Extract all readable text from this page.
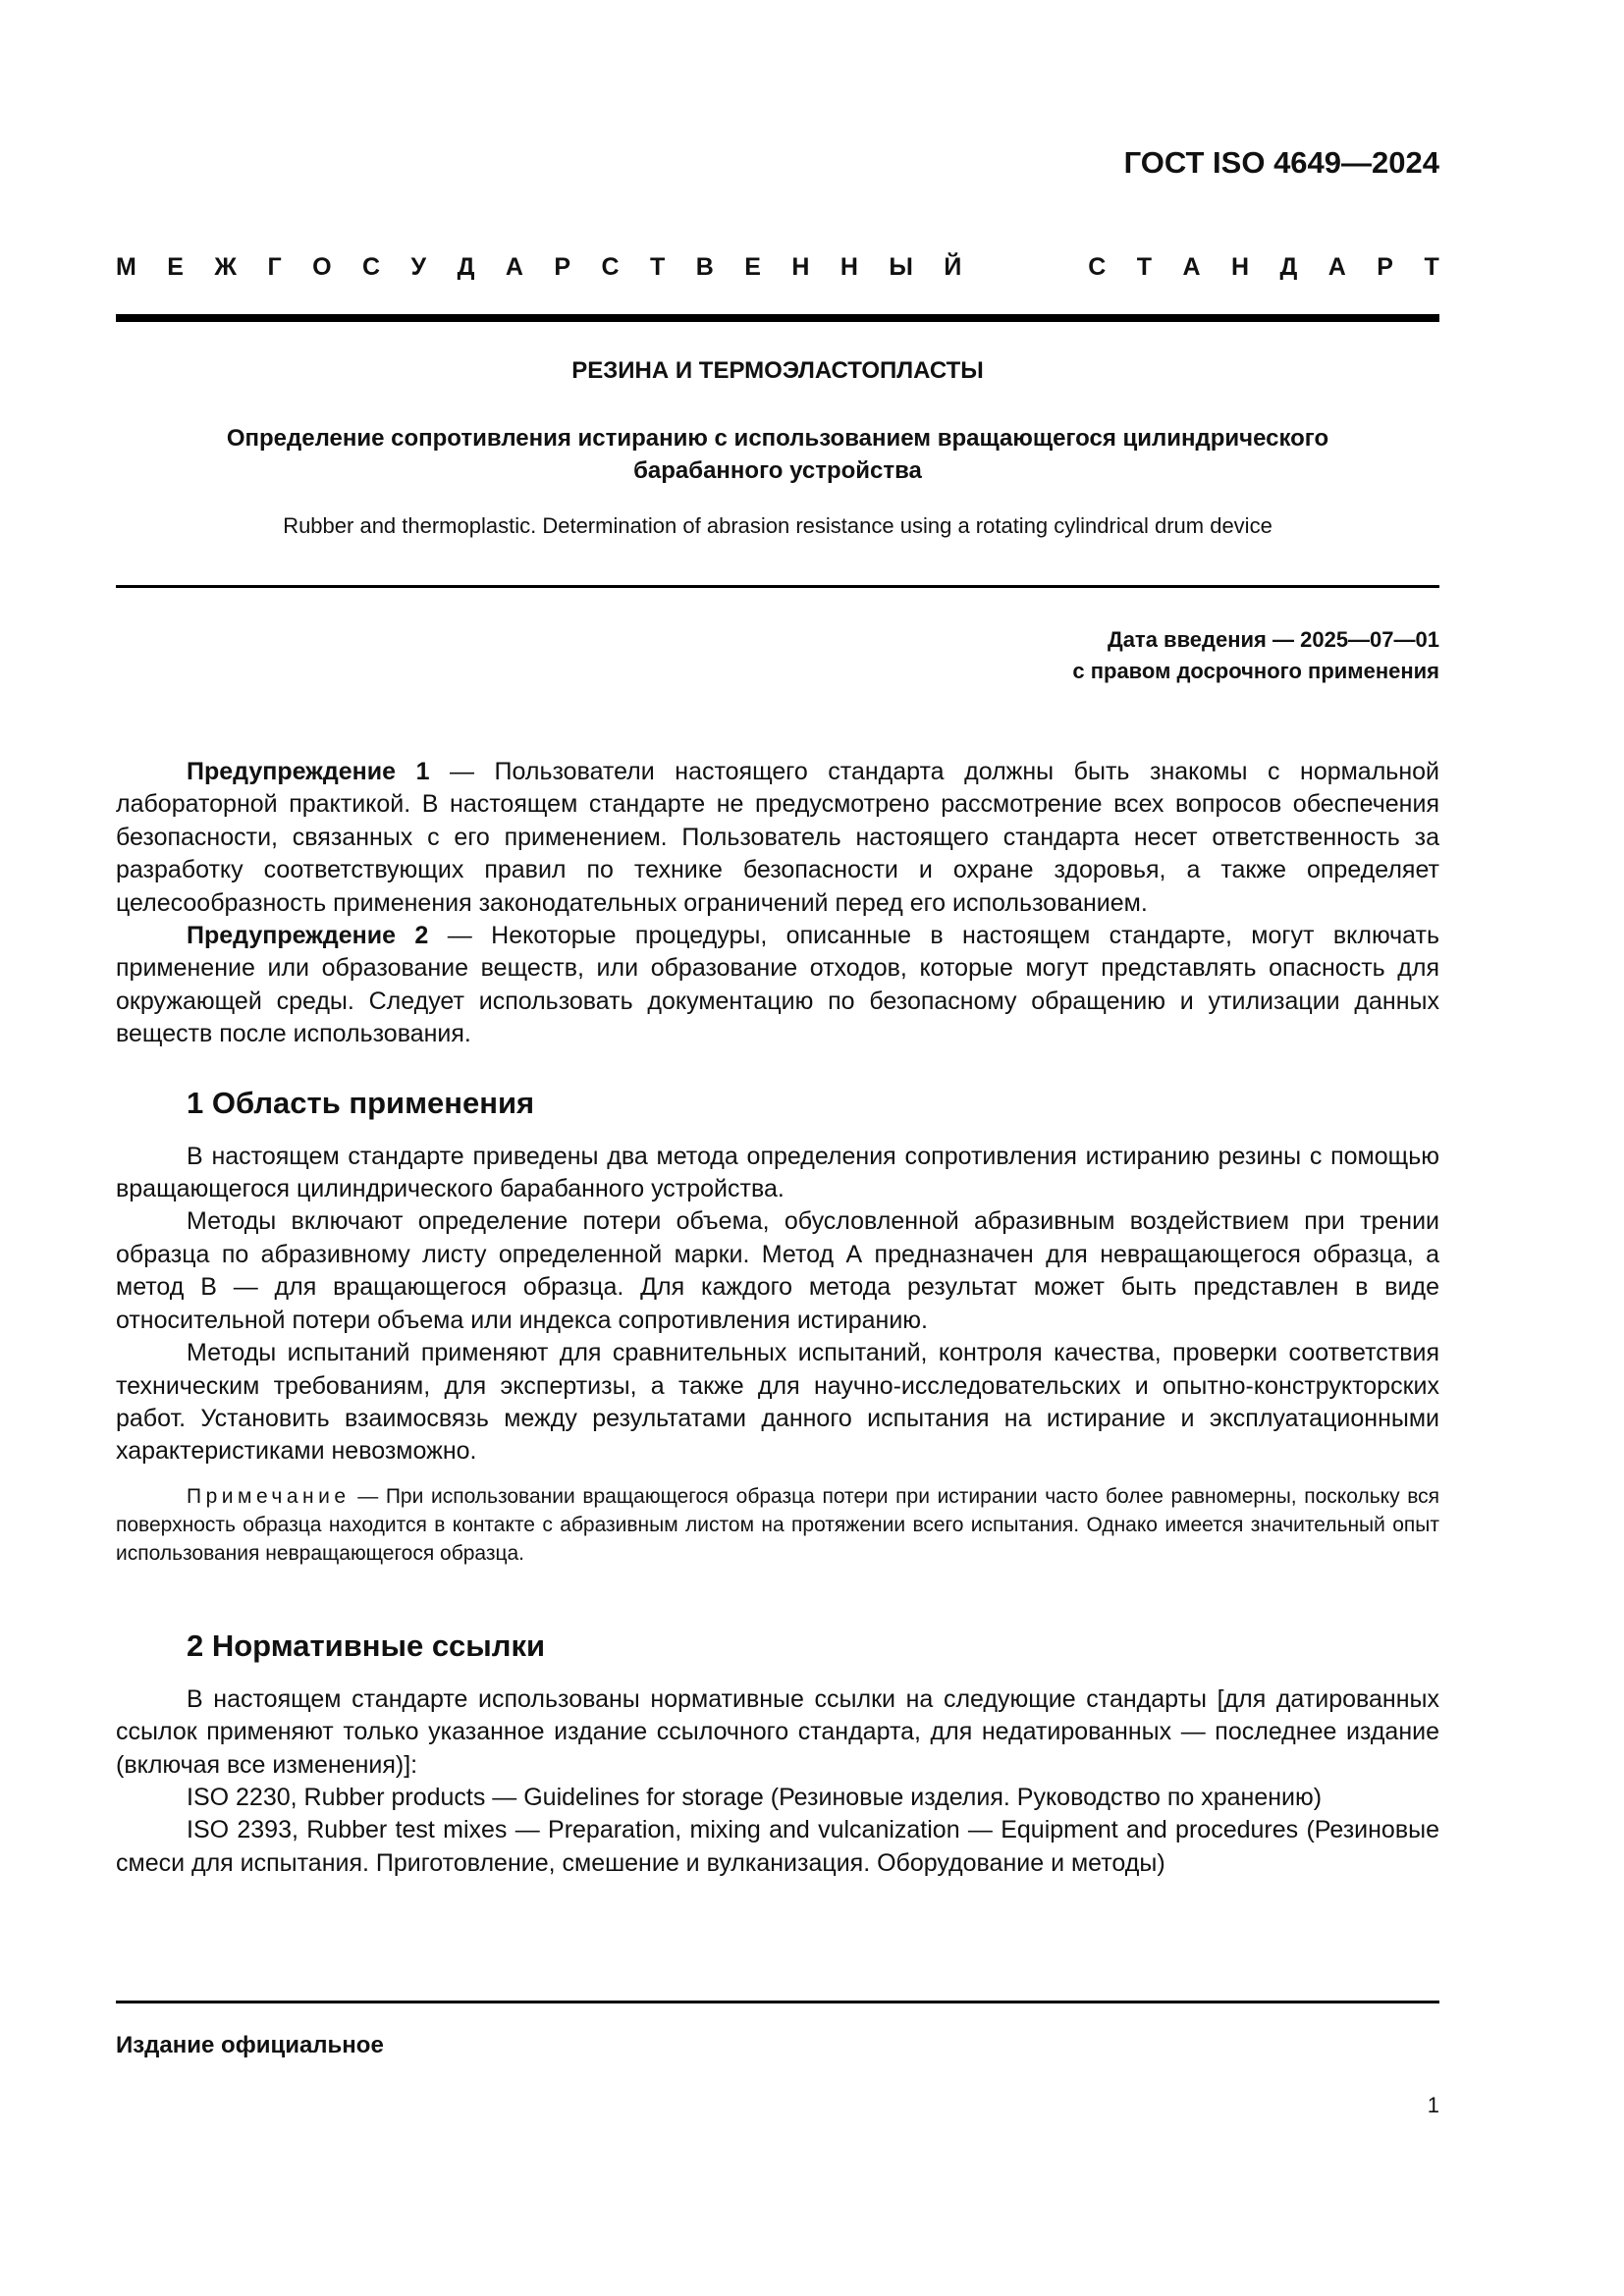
ГОСТ ISO 4649—2024
М Е Ж Г О С У Д А Р С Т В Е Н Н Ы Й	С Т А Н Д А Р Т
РЕЗИНА И ТЕРМОЭЛАСТОПЛАСТЫ
Определение сопротивления истиранию с использованием вращающегося цилиндрического
барабанного устройства
Rubber and thermoplastic. Determination of abrasion resistance using a rotating cylindrical drum device
Дата введения — 2025—07—01
с правом досрочного применения

Предупреждение 1 — Пользователи настоящего стандарта должны быть знакомы с нормальной лабораторной практикой. В настоящем стандарте не предусмотрено рассмотрение всех вопросов обеспечения безопасности, связанных с его применением. Пользователь настоящего стандарта несет ответственность за разработку соответствующих правил по технике безопасности и охране здоровья, а также определяет целесообразность применения законодательных ограничений перед его использованием.

Предупреждение 2 — Некоторые процедуры, описанные в настоящем стандарте, могут включать применение или образование веществ, или образование отходов, которые могут представлять опасность для окружающей среды. Следует использовать документацию по безопасному обращению и утилизации данных веществ после использования.

1 Область применения

В настоящем стандарте приведены два метода определения сопротивления истиранию резины с помощью вращающегося цилиндрического барабанного устройства.

Методы включают определение потери объема, обусловленной абразивным воздействием при трении образца по абразивному листу определенной марки. Метод А предназначен для невращающегося образца, а метод В — для вращающегося образца. Для каждого метода результат может быть представлен в виде относительной потери объема или индекса сопротивления истиранию.

Методы испытаний применяют для сравнительных испытаний, контроля качества, проверки соответствия техническим требованиям, для экспертизы, а также для научно-исследовательских и опытно-конструкторских работ. Установить взаимосвязь между результатами данного испытания на истирание и эксплуатационными характеристиками невозможно.

Примечание — При использовании вращающегося образца потери при истирании часто более равномерны, поскольку вся поверхность образца находится в контакте с абразивным листом на протяжении всего испытания. Однако имеется значительный опыт использования невращающегося образца.

2 Нормативные ссылки

В настоящем стандарте использованы нормативные ссылки на следующие стандарты [для датированных ссылок применяют только указанное издание ссылочного стандарта, для недатированных — последнее издание (включая все изменения)]:

ISO 2230, Rubber products — Guidelines for storage (Резиновые изделия. Руководство по хранению)

ISO 2393, Rubber test mixes — Preparation, mixing and vulcanization — Equipment and procedures (Резиновые смеси для испытания. Приготовление, смешение и вулканизация. Оборудование и методы)

Издание официальное
1
